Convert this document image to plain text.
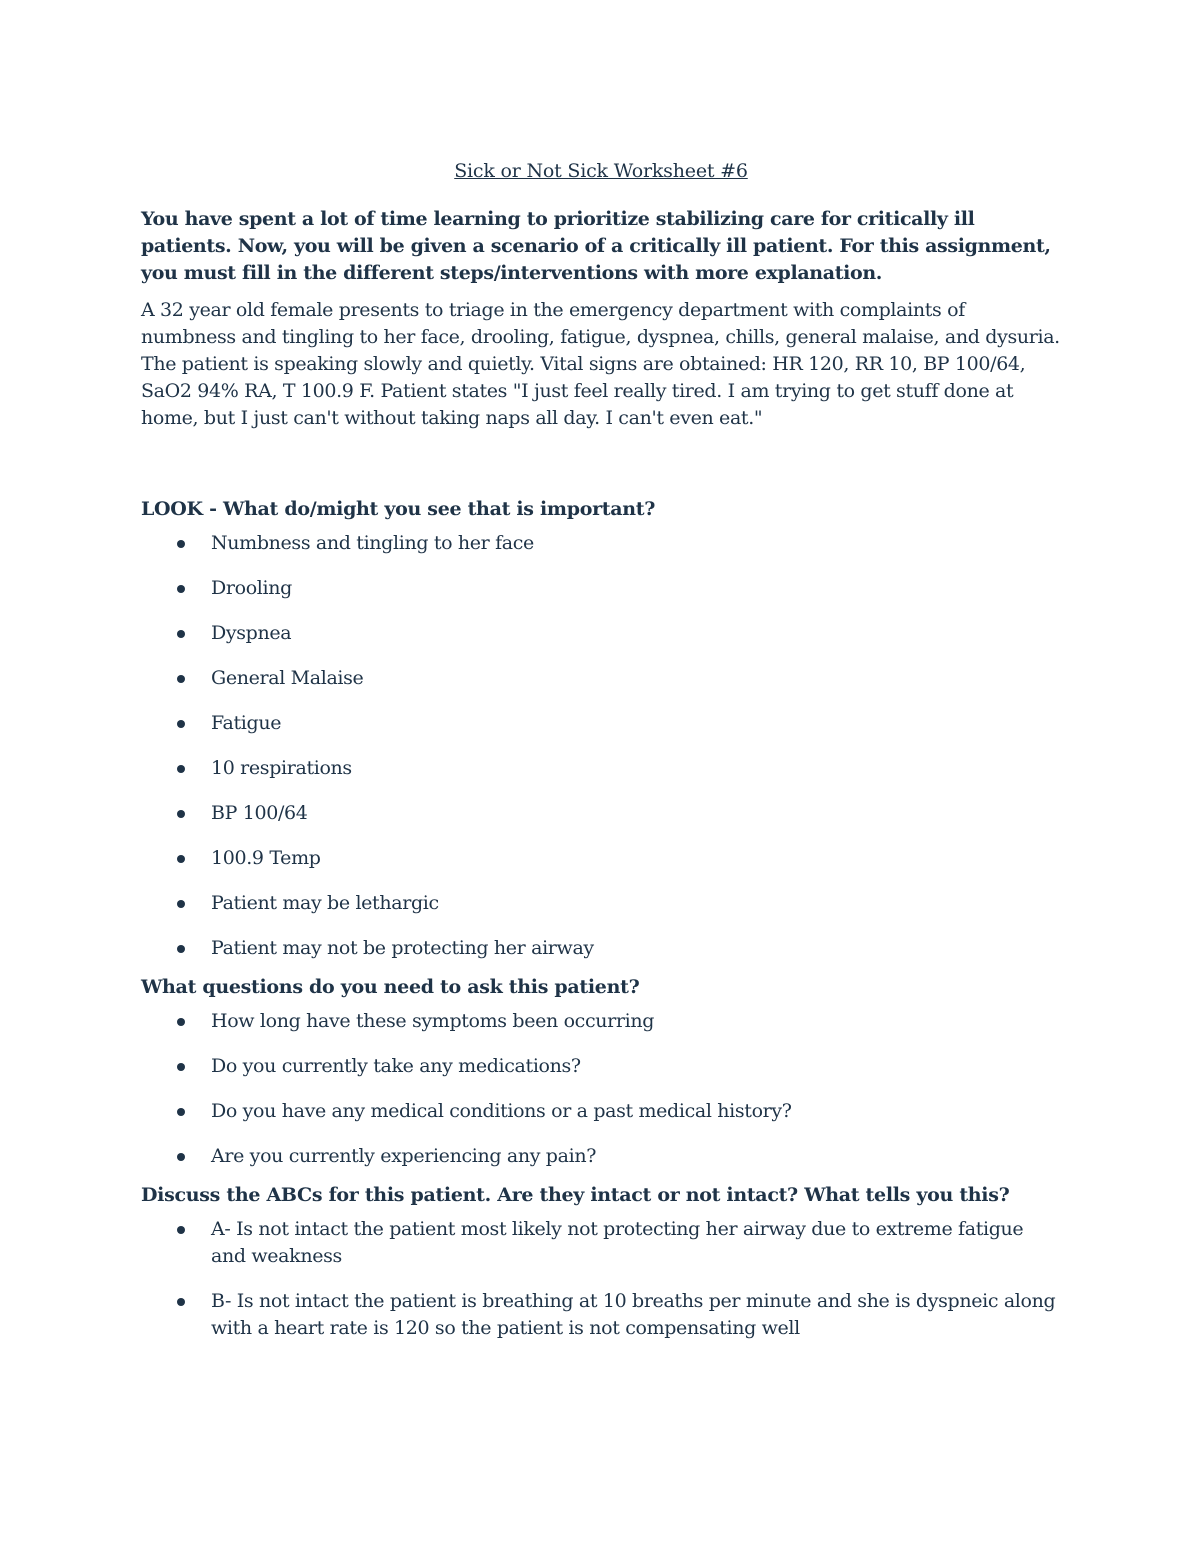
Sick or Not Sick Worksheet #6

You have spent a lot of time learning to prioritize stabilizing care for critically ill patients. Now, you will be given a scenario of a critically ill patient. For this assignment, you must fill in the different steps/interventions with more explanation.

A 32 year old female presents to triage in the emergency department with complaints of numbness and tingling to her face, drooling, fatigue, dyspnea, chills, general malaise, and dysuria. The patient is speaking slowly and quietly. Vital signs are obtained: HR 120, RR 10, BP 100/64, SaO2 94% RA, T 100.9 F. Patient states "I just feel really tired. I am trying to get stuff done at home, but I just can't without taking naps all day. I can't even eat."

LOOK - What do/might you see that is important?
Numbness and tingling to her face
Drooling
Dyspnea
General Malaise
Fatigue
10 respirations
BP 100/64
100.9 Temp
Patient may be lethargic
Patient may not be protecting her airway
What questions do you need to ask this patient?
How long have these symptoms been occurring
Do you currently take any medications?
Do you have any medical conditions or a past medical history?
Are you currently experiencing any pain?
Discuss the ABCs for this patient. Are they intact or not intact? What tells you this?
A- Is not intact the patient most likely not protecting her airway due to extreme fatigue and weakness
B- Is not intact the patient is breathing at 10 breaths per minute and she is dyspneic along with a heart rate is 120 so the patient is not compensating well
